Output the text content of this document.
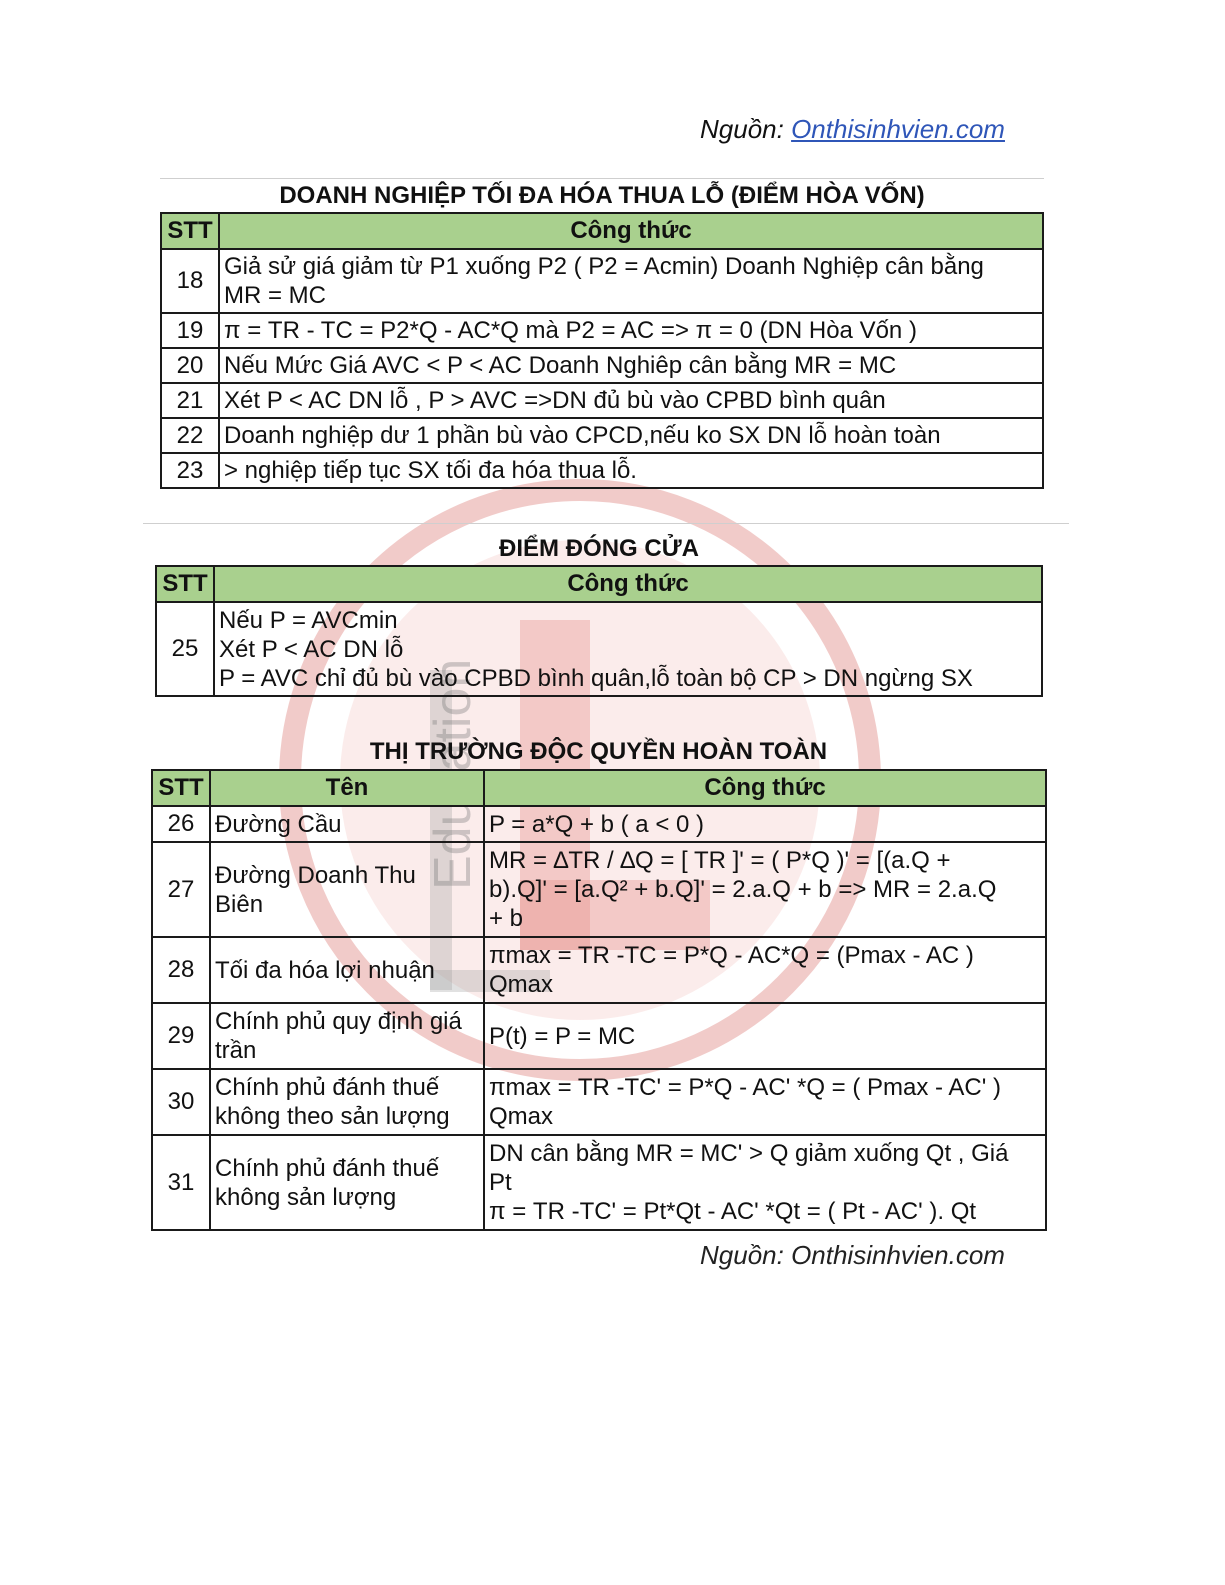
Nguồn: Onthisinhvien.com
DOANH NGHIỆP TỐI ĐA HÓA THUA LỖ (ĐIỂM HÒA VỐN)
STT	Công thức
18	Giả sử giá giảm từ P1 xuống P2 ( P2 = Acmin) Doanh Nghiệp cân bằng
MR = MC

19	π = TR - TC = P2*Q - AC*Q mà P2 = AC => π = 0 (DN Hòa Vốn )

20	Nếu Mức Giá AVC < P < AC Doanh Nghiêp cân bằng MR = MC

21	Xét P < AC DN lỗ , P > AVC =>DN đủ bù vào CPBD bình quân

22	Doanh nghiệp dư 1 phần bù vào CPCD,nếu ko SX DN lỗ hoàn toàn

23	> nghiệp tiếp tục SX tối đa hóa thua lỗ.
ĐIỂM ĐÓNG CỬA
STT	Công thức
25	Nếu P = AVCmin
Xét P < AC DN lỗ
P = AVC chỉ đủ bù vào CPBD bình quân,lỗ toàn bộ CP > DN ngừng SX
THỊ TRƯỜNG ĐỘC QUYỀN HOÀN TOÀN
STT	Tên	Công thức
26	Đường Cầu	P = a*Q + b ( a < 0 )

27	Đường Doanh Thu
Biên	MR = ∆TR / ∆Q = [ TR ]' = ( P*Q )' = [(a.Q +
b).Q]' = [a.Q² + b.Q]' = 2.a.Q + b => MR = 2.a.Q
+ b

28	Tối đa hóa lợi nhuận	πmax = TR -TC = P*Q - AC*Q = (Pmax - AC )
Qmax

29	Chính phủ quy định giá
trần	P(t) = P = MC

30	Chính phủ đánh thuế
không theo sản lượng	πmax = TR -TC' = P*Q - AC' *Q = ( Pmax - AC' )
Qmax

31	Chính phủ đánh thuế
không sản lượng	DN cân bằng MR = MC' > Q giảm xuống Qt , Giá
Pt
π = TR -TC' = Pt*Qt - AC' *Qt = ( Pt - AC' ). Qt
Nguồn: Onthisinhvien.com
